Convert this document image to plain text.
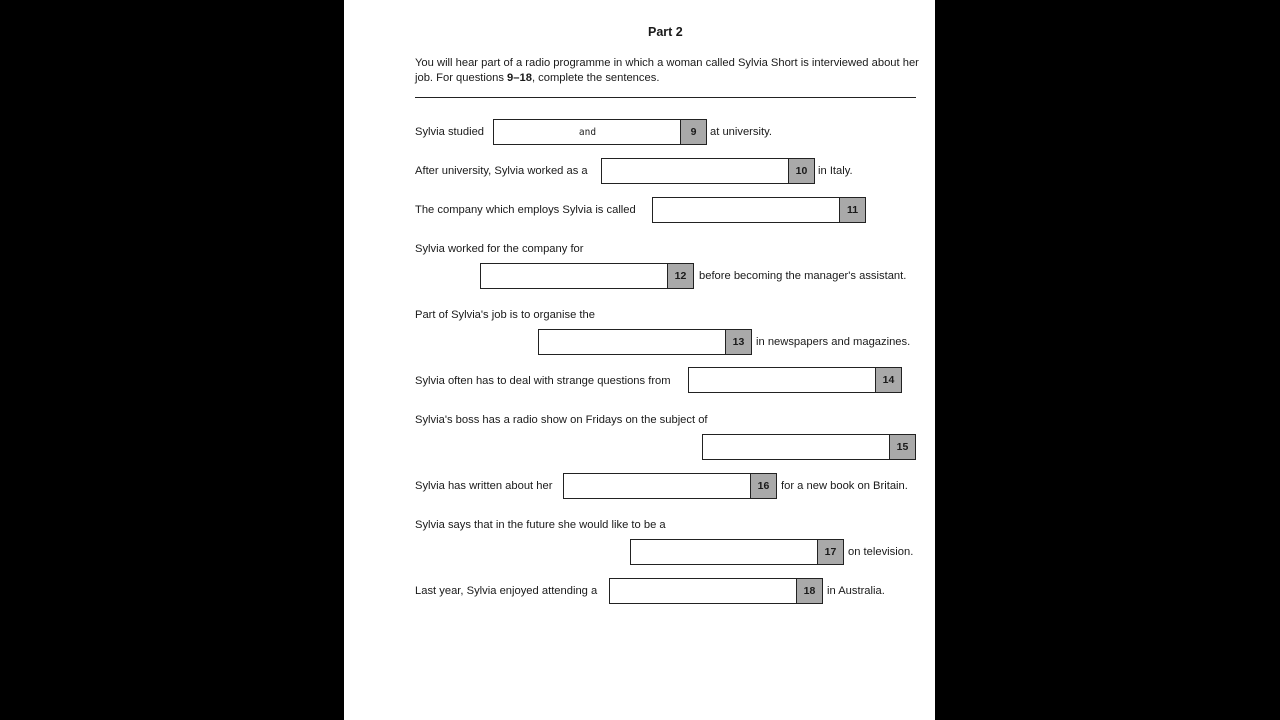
Part 2
You will hear part of a radio programme in which a woman called Sylvia Short is interviewed about her job. For questions 9–18, complete the sentences.
Sylvia studied	and	9	at university.
After university, Sylvia worked as a	10 in Italy.
The company which employs Sylvia is called	11
Sylvia worked for the company for
12	before becoming the manager's assistant.
Part of Sylvia's job is to organise the
13	in newspapers and magazines.
Sylvia often has to deal with strange questions from	14
Sylvia's boss has a radio show on Fridays on the subject of
15
Sylvia has written about her	16	for a new book on Britain.
Sylvia says that in the future she would like to be a
17	on television.
Last year, Sylvia enjoyed attending a	18	in Australia.
